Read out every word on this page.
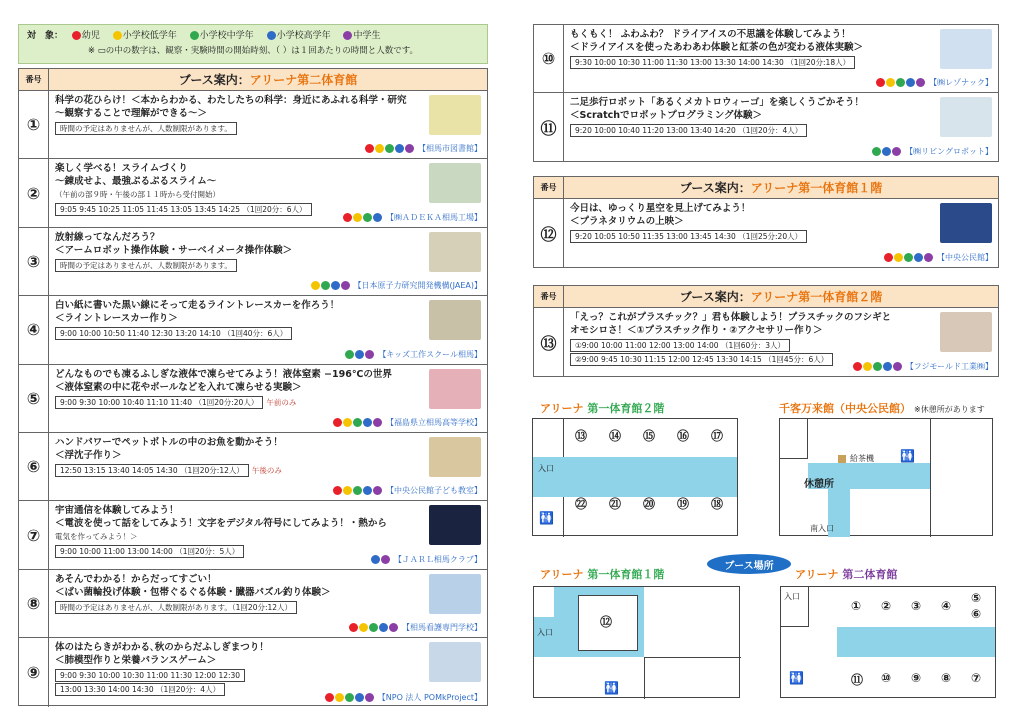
対　象： 幼児	小学校低学年	小学校中学年	小学校高学年	中学生
※ ▭の中の数字は、観察・実験時間の開始時刻、（ ）は１回あたりの時間と人数です。
番号	ブース案内： アリーナ第二体育館
①
科学の花ひらけ！＜本からわかる、わたしたちの科学：身近にあふれる科学・研究
～観察することで理解ができる～＞
時間の予定はありませんが、人数制限があります。
【相馬市図書館】
②
楽しく学べる！スライムづくり
～錬成せよ、最強ぷるぷるスライム～
（午前の部９時・午後の部１１時から受付開始）
9:05 9:45 10:25 11:05 11:45 13:05 13:45 14:25 （1回20分：6人）
【㈱ＡＤＥＫＡ相馬工場】
③
放射線ってなんだろう？
＜アームロボット操作体験・サーベイメータ操作体験＞
時間の予定はありませんが、人数制限があります。
【日本原子力研究開発機構(JAEA)】
④
白い紙に書いた黒い線にそって走るライントレースカーを作ろう！
＜ライントレースカー作り＞
9:00 10:00 10:50 11:40 12:30 13:20 14:10 （1回40分：6人）
【キッズ工作スクール相馬】
⑤
どんなものでも凍るふしぎな液体で凍らせてみよう！液体窒素 −196℃の世界
＜液体窒素の中に花やボールなどを入れて凍らせる実験＞
9:00 9:30 10:00 10:40 11:10 11:40 （1回20分:20人） 午前のみ
【福島県立相馬高等学校】
⑥
ハンドパワーでペットボトルの中のお魚を動かそう！
＜浮沈子作り＞
12:50 13:15 13:40 14:05 14:30 （1回20分:12人） 午後のみ
【中央公民館子ども教室】
⑦
宇宙通信を体験してみよう！
＜電波を使って話をしてみよう！文字をデジタル符号にしてみよう！・熱から
電気を作ってみよう！＞
9:00 10:00 11:00 13:00 14:00 （1回20分：5人）
【ＪＡＲＬ相馬クラブ】
⑧
あそんでわかる！からだってすごい！
＜ばい菌輪投げ体験・包帯ぐるぐる体験・臓器パズル釣り体験＞
時間の予定はありませんが、人数制限があります。（1回20分:12人）
【相馬看護専門学校】
⑨
体のはたらきがわかる､秋のからだふしぎまつり！
＜肺模型作りと栄養バランスゲーム＞
9:00 9:30 10:00 10:30 11:00 11:30 12:00 12:30
13:00 13:30 14:00 14:30 （1回20分：4人）
【NPO 法人 POMkProject】
⑩
もくもく！ ふわふわ？ ドライアイスの不思議を体験してみよう！
＜ドライアイスを使ったあわあわ体験と紅茶の色が変わる液体実験＞
9:30 10:00 10:30 11:00 11:30 13:00 13:30 14:00 14:30 （1回20分:18人）
【㈱レゾナック】
⑪
二足歩行ロボット「あるくメカトロウィーゴ」を楽しくうごかそう！
＜Scratchでロボットプログラミング体験＞
9:20 10:00 10:40 11:20 13:00 13:40 14:20 （1回20分：4人）
【㈱リビングロボット】
番号	ブース案内： アリーナ第一体育館１階
⑫
今日は、ゆっくり星空を見上げてみよう！
＜プラネタリウムの上映＞
9:20 10:05 10:50 11:35 13:00 13:45 14:30 （1回25分:20人）
【中央公民館】
番号	ブース案内： アリーナ第一体育館２階
⑬
「えっ？これがプラスチック？」君も体験しよう！プラスチックのフシギと
オモシロさ！＜①プラスチック作り・②アクセサリー作り＞
①9:00 10:00 11:00 12:00 13:00 14:00 （1回60分：3人）
②9:00 9:45 10:30 11:15 12:00 12:45 13:30 14:15 （1回45分：6人）
【フジモールド工業㈱】
アリーナ 第一体育館２階
入口
⑬ ⑭ ⑮ ⑯ ⑰
㉒ ㉑ ⑳ ⑲ ⑱
🚻
千客万来館（中央公民館） ※休憩所があります
給茶機 🚻
休憩所
南入口
ブース場所
アリーナ 第一体育館１階
⑫
入口
🚻
アリーナ 第二体育館
入口
① ② ③ ④
⑤
⑥
⑪ ⑩ ⑨ ⑧ ⑦
🚻
